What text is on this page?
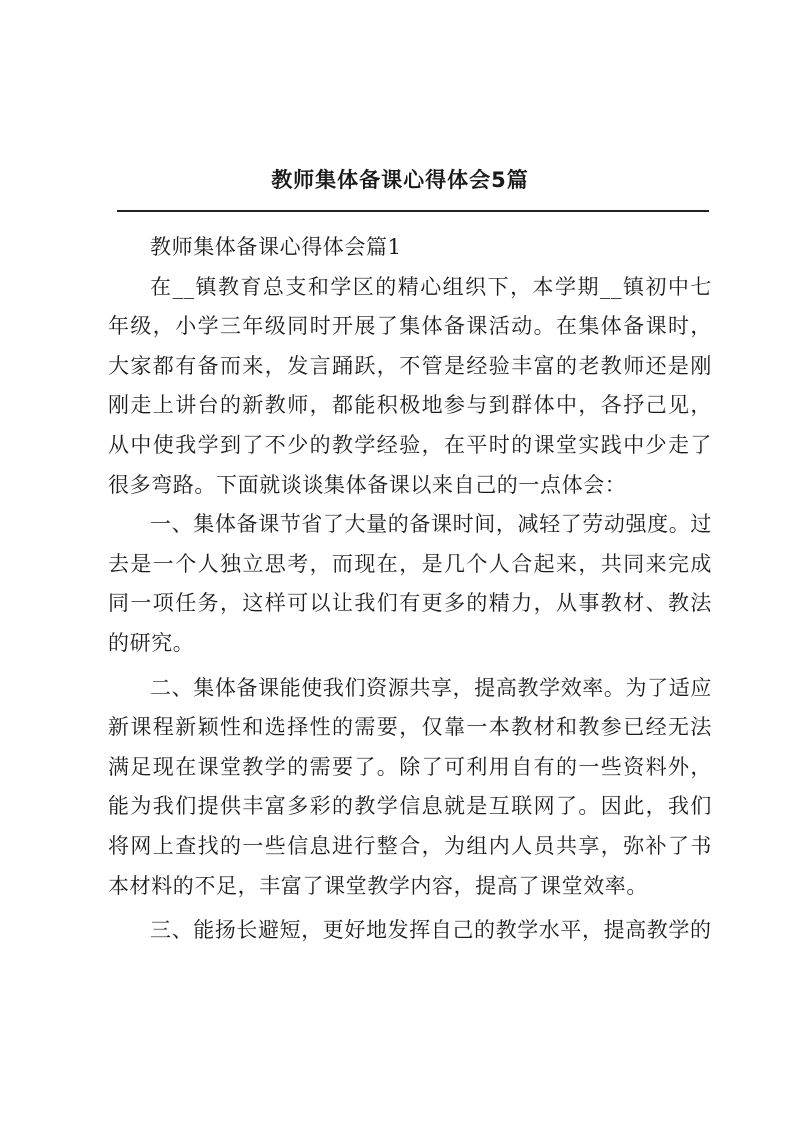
教师集体备课心得体会5篇

教师集体备课心得体会篇1

在__镇教育总支和学区的精心组织下，本学期__镇初中七年级，小学三年级同时开展了集体备课活动。在集体备课时，大家都有备而来，发言踊跃，不管是经验丰富的老教师还是刚刚走上讲台的新教师，都能积极地参与到群体中，各抒己见，从中使我学到了不少的教学经验，在平时的课堂实践中少走了很多弯路。下面就谈谈集体备课以来自己的一点体会：

一、集体备课节省了大量的备课时间，减轻了劳动强度。过去是一个人独立思考，而现在，是几个人合起来，共同来完成同一项任务，这样可以让我们有更多的精力，从事教材、教法的研究。

二、集体备课能使我们资源共享，提高教学效率。为了适应新课程新颖性和选择性的需要，仅靠一本教材和教参已经无法满足现在课堂教学的需要了。除了可利用自有的一些资料外，能为我们提供丰富多彩的教学信息就是互联网了。因此，我们将网上查找的一些信息进行整合，为组内人员共享，弥补了书本材料的不足，丰富了课堂教学内容，提高了课堂效率。

三、能扬长避短，更好地发挥自己的教学水平，提高教学的
